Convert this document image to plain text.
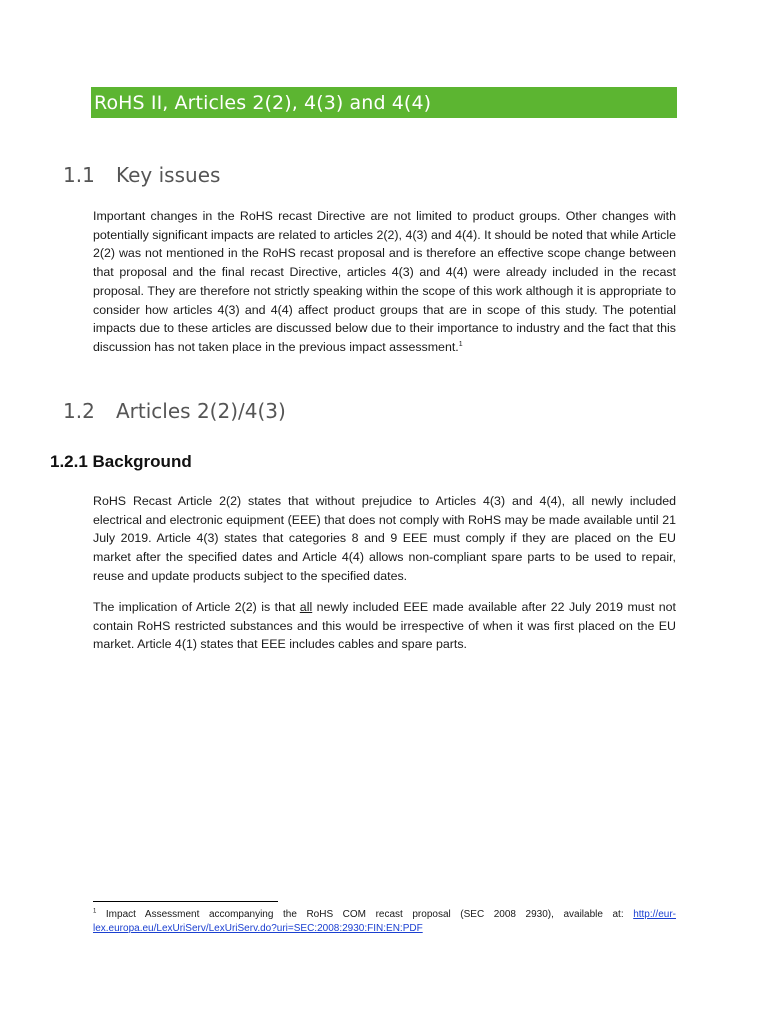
RoHS II, Articles 2(2), 4(3) and 4(4)
1.1 Key issues

Important changes in the RoHS recast Directive are not limited to product groups. Other changes with potentially significant impacts are related to articles 2(2), 4(3) and 4(4). It should be noted that while Article 2(2) was not mentioned in the RoHS recast proposal and is therefore an effective scope change between that proposal and the final recast Directive, articles 4(3) and 4(4) were already included in the recast proposal. They are therefore not strictly speaking within the scope of this work although it is appropriate to consider how articles 4(3) and 4(4) affect product groups that are in scope of this study. The potential impacts due to these articles are discussed below due to their importance to industry and the fact that this discussion has not taken place in the previous impact assessment.$^1$

1.2 Articles 2(2)/4(3)
1.2.1 Background

RoHS Recast Article 2(2) states that without prejudice to Articles 4(3) and 4(4), all newly included electrical and electronic equipment (EEE) that does not comply with RoHS may be made available until 21 July 2019. Article 4(3) states that categories 8 and 9 EEE must comply if they are placed on the EU market after the specified dates and Article 4(4) allows non-compliant spare parts to be used to repair, reuse and update products subject to the specified dates.

The implication of Article 2(2) is that all newly included EEE made available after 22 July 2019 must not contain RoHS restricted substances and this would be irrespective of when it was first placed on the EU market. Article 4(1) states that EEE includes cables and spare parts.

$^1$ Impact Assessment accompanying the RoHS COM recast proposal (SEC 2008 2930), available at: http://eur-lex.europa.eu/LexUriServ/LexUriServ.do?uri=SEC:2008:2930:FIN:EN:PDF
